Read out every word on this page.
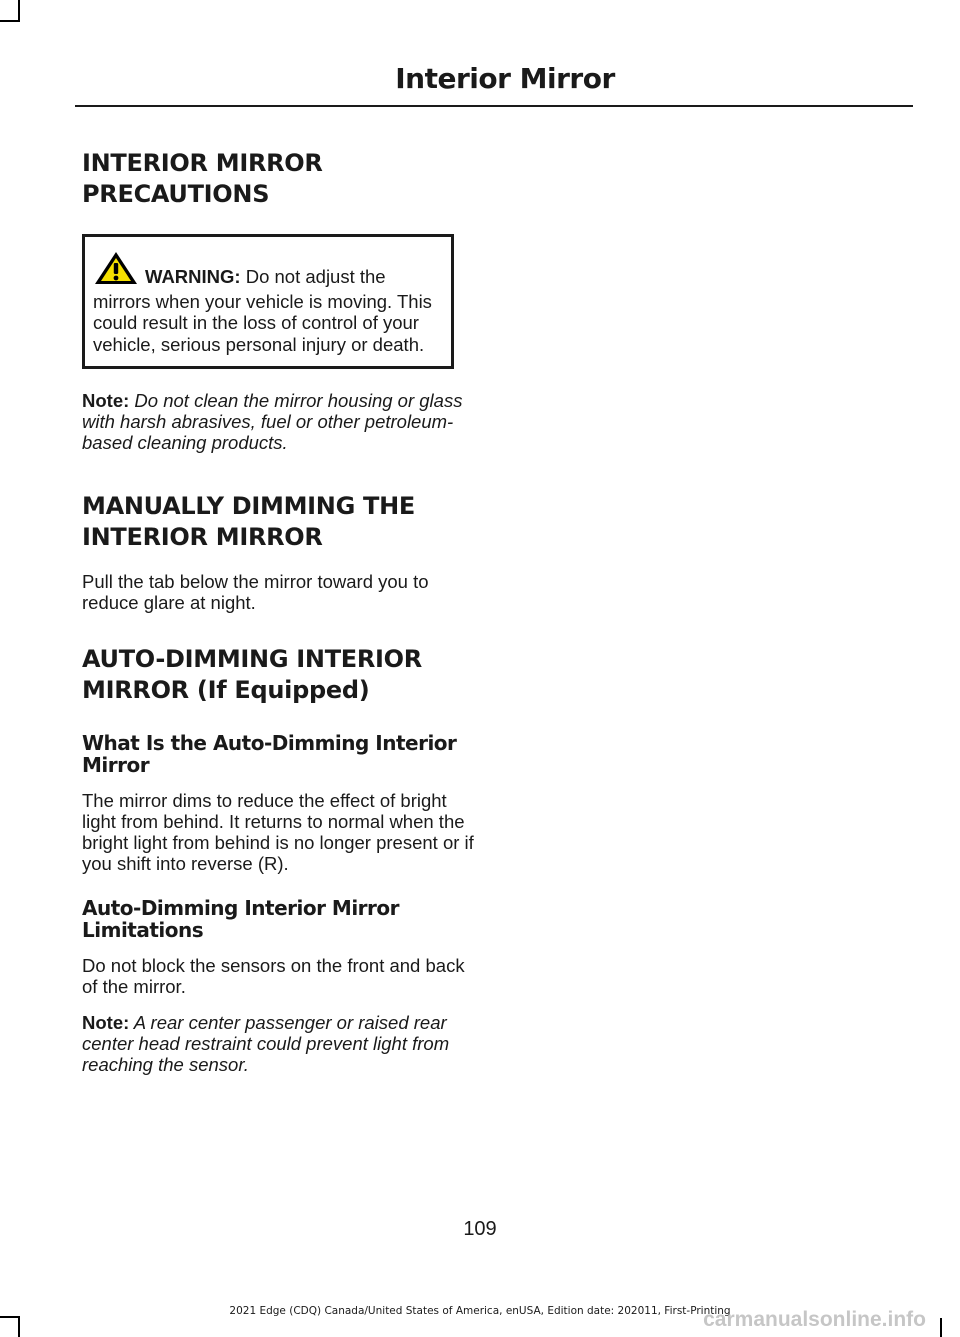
Interior Mirror
INTERIOR MIRROR
PRECAUTIONS

WARNING: Do not adjust the mirrors when your vehicle is moving. This could result in the loss of control of your vehicle, serious personal injury or death.

Note: Do not clean the mirror housing or glass with harsh abrasives, fuel or other petroleum-based cleaning products.

MANUALLY DIMMING THE
INTERIOR MIRROR

Pull the tab below the mirror toward you to reduce glare at night.

AUTO-DIMMING INTERIOR
MIRROR (If Equipped)
What Is the Auto-Dimming Interior Mirror

The mirror dims to reduce the effect of bright light from behind. It returns to normal when the bright light from behind is no longer present or if you shift into reverse (R).

Auto-Dimming Interior Mirror Limitations

Do not block the sensors on the front and back of the mirror.

Note: A rear center passenger or raised rear center head restraint could prevent light from reaching the sensor.

109
2021 Edge (CDQ) Canada/United States of America, enUSA, Edition date: 202011, First-Printing
carmanualsonline.info
